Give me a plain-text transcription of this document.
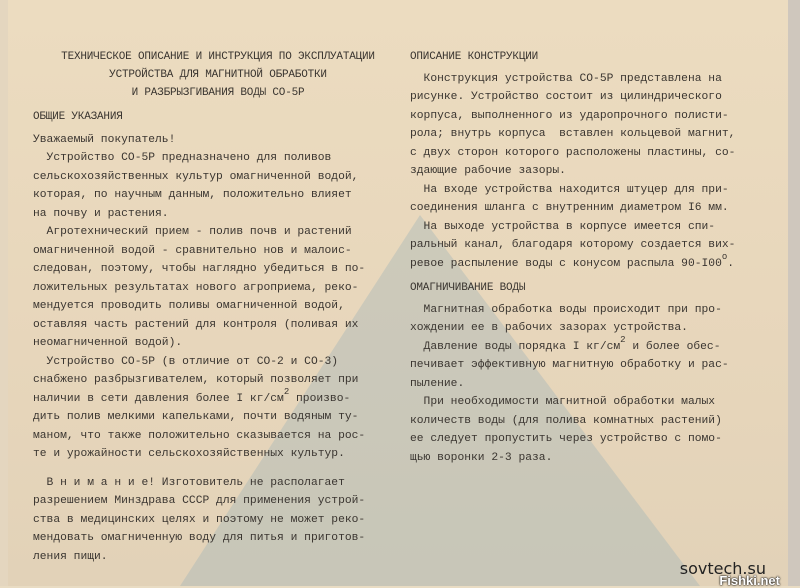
ТЕХНИЧЕСКОЕ ОПИСАНИЕ И ИНСТРУКЦИЯ ПО ЭКСПЛУАТАЦИИ
УСТРОЙСТВА ДЛЯ МАГНИТНОЙ ОБРАБОТКИ
И РАЗБРЫЗГИВАНИЯ ВОДЫ СО-5Р
ОБЩИЕ УКАЗАНИЯ
Уважаемый покупатель!
Устройство СО-5Р предназначено для поливов
сельскохозяйственных культур омагниченной водой,
которая, по научным данным, положительно влияет
на почву и растения.
Агротехнический прием - полив почв и растений
омагниченной водой - сравнительно нов и малоис-
следован, поэтому, чтобы наглядно убедиться в по-
ложительных результатах нового агроприема, реко-
мендуется проводить поливы омагниченной водой,
оставляя часть растений для контроля (поливая их
неомагниченной водой).
Устройство СО-5Р (в отличие от СО-2 и СО-3)
снабжено разбрызгивателем, который позволяет при
наличии в сети давления более I $кг/см^2$ произво-
дить полив мелкими капельками, почти водяным ту-
маном, что также положительно сказывается на рос-
те и урожайности сельскохозяйственных культур.
В н и м а н и е! Изготовитель не располагает
разрешением Минздрава СССР для применения устрой-
ства в медицинских целях и поэтому не может реко-
мендовать омагниченную воду для питья и приготов-
ления пищи.
ОПИСАНИЕ КОНСТРУКЦИИ
Конструкция устройства СО-5Р представлена на
рисунке. Устройство состоит из цилиндрического
корпуса, выполненного из ударопрочного полисти-
рола; внутрь корпуса  вставлен кольцевой магнит,
с двух сторон которого расположены пластины, со-
здающие рабочие зазоры.
На входе устройства находится штуцер для при-
соединения шланга с внутренним диаметром I6 мм.
На выходе устройства в корпусе имеется спи-
ральный канал, благодаря которому создается вих-
ревое распыление воды с конусом распыла 90-I00$^o$.
ОМАГНИЧИВАНИЕ ВОДЫ
Магнитная обработка воды происходит при про-
хождении ее в рабочих зазорах устройства.
Давление воды порядка I $кг/см^2$ и более обес-
печивает эффективную магнитную обработку и рас-
пыление.
При необходимости магнитной обработки малых
количеств воды (для полива комнатных растений)
ее следует пропустить через устройство с помо-
щью воронки 2-3 раза.
sovtech.su
Fishki.net
